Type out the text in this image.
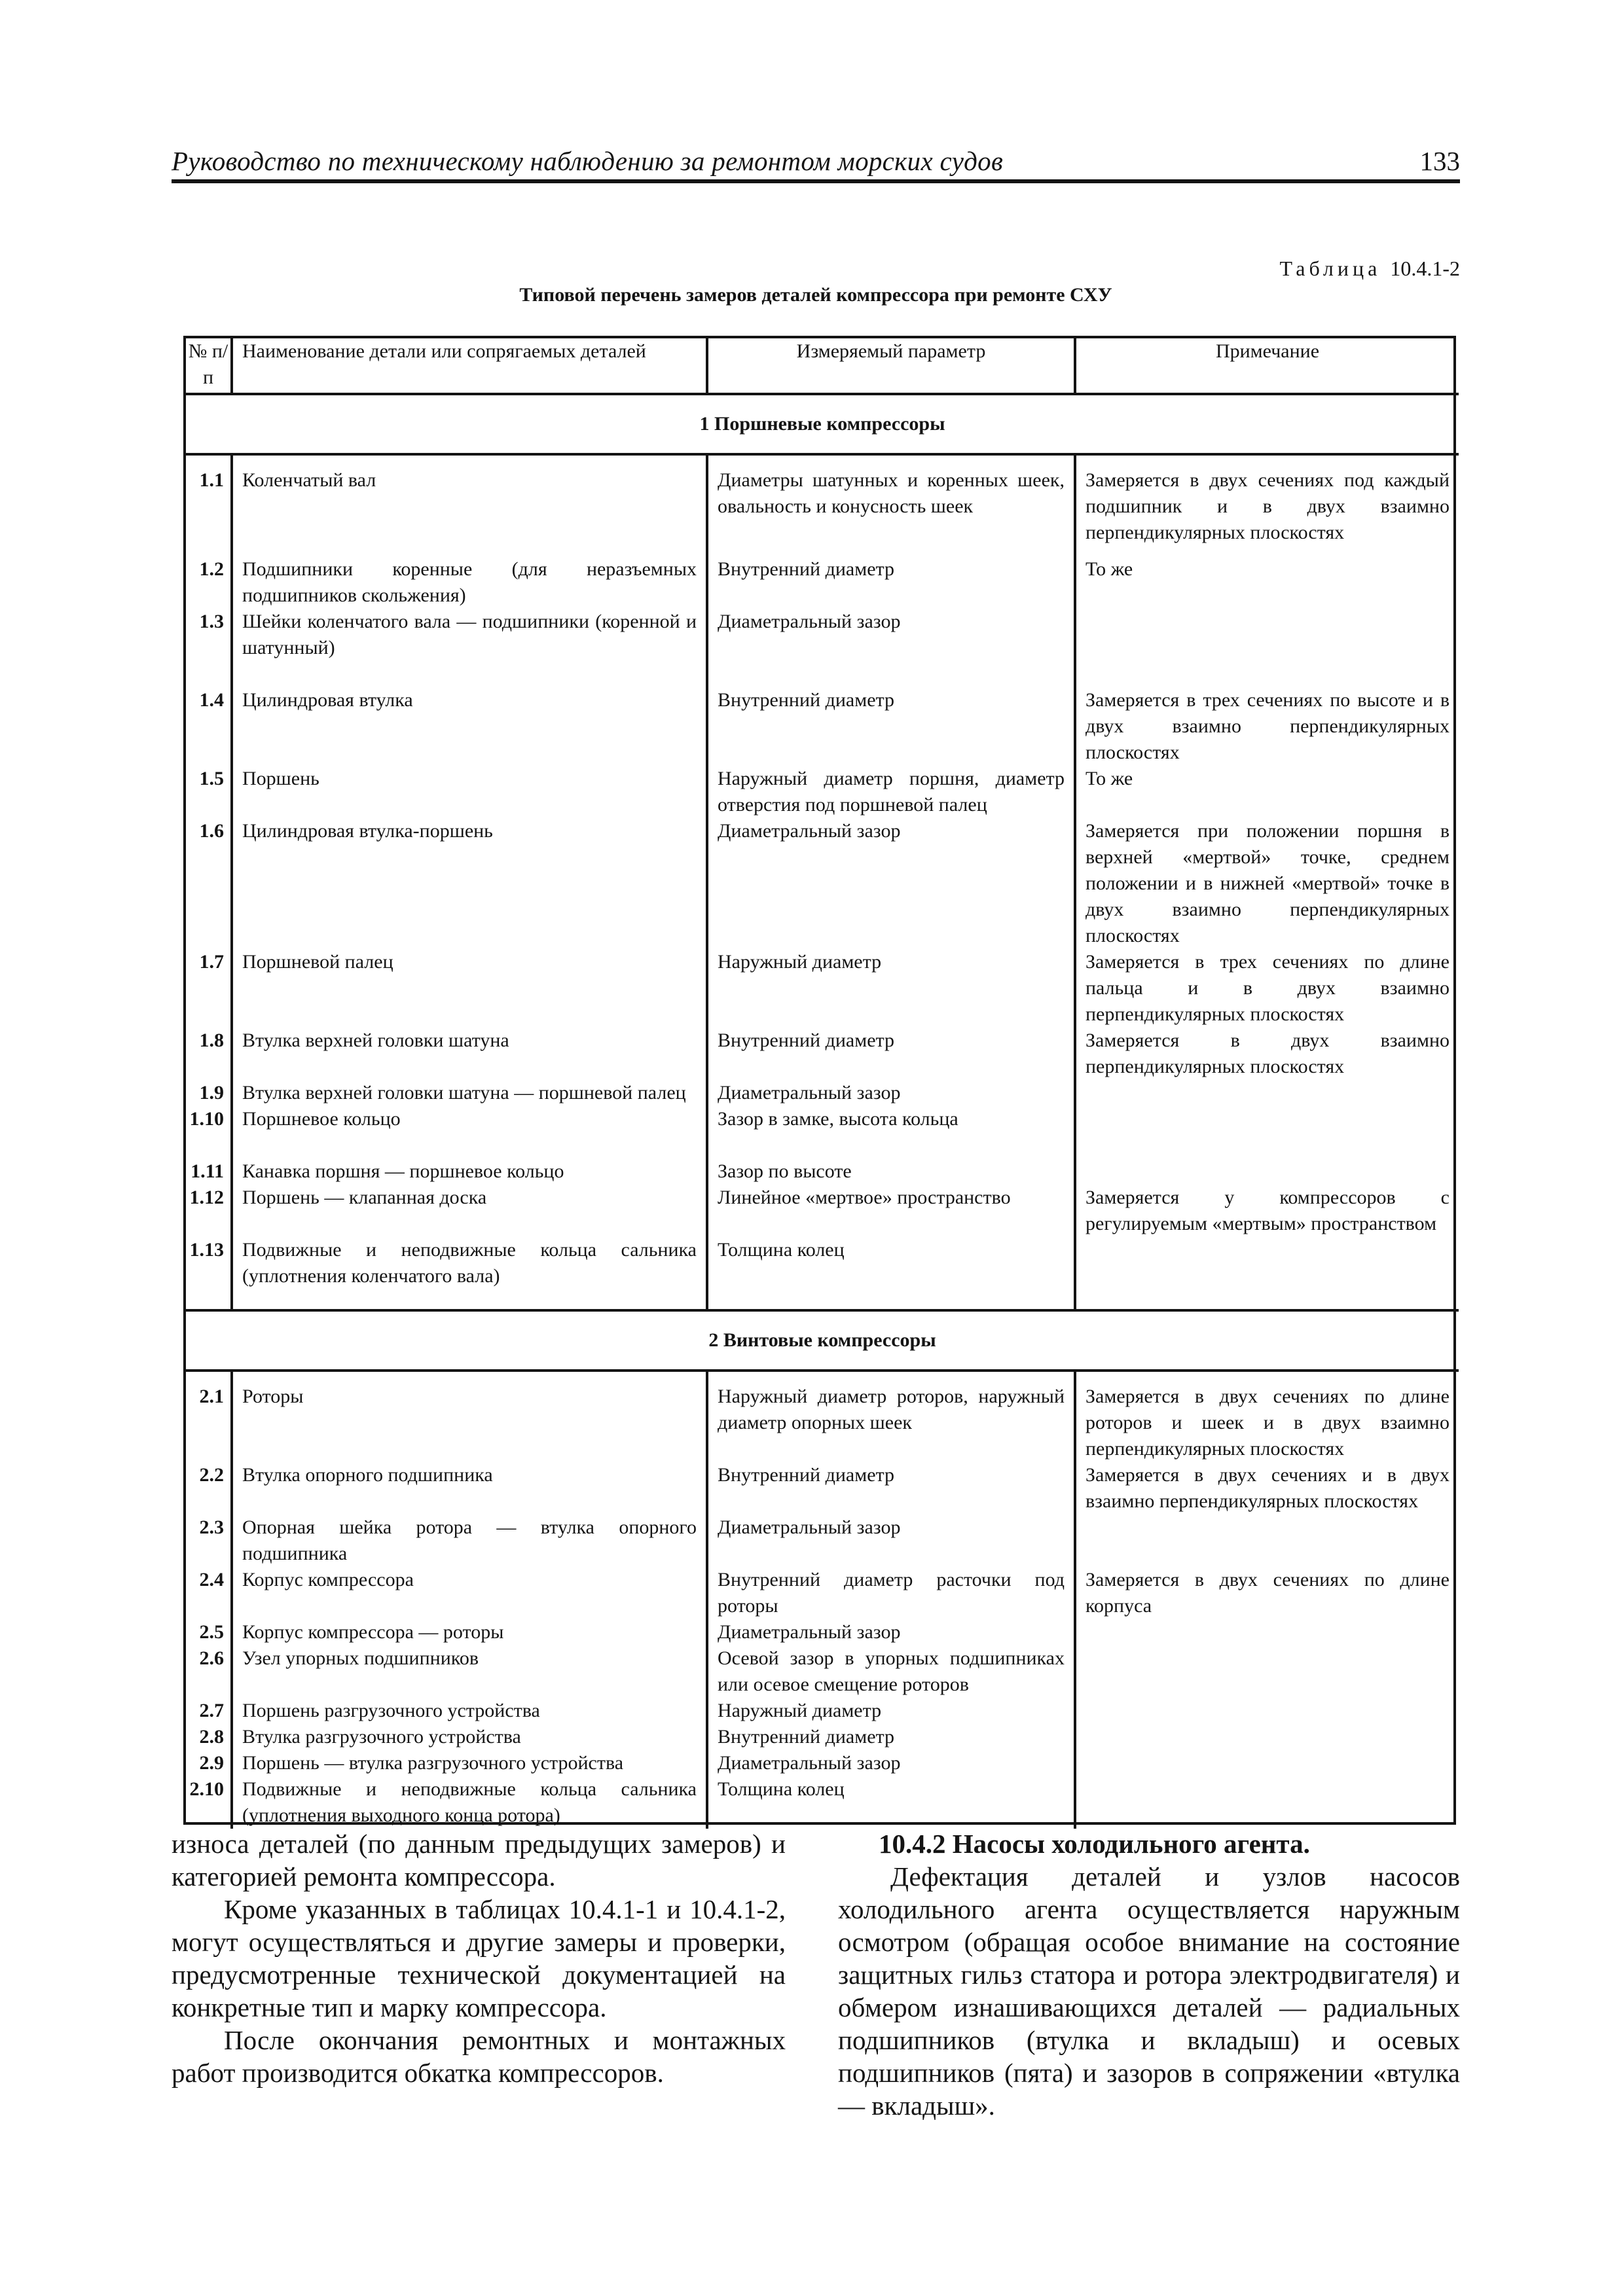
Руководство по техническому наблюдению за ремонтом морских судов	133
Таблица 10.4.1-2
Типовой перечень замеров деталей компрессора при ремонте СХУ
№ п/п	Наименование детали или сопрягаемых деталей	Измеряемый параметр	Примечание
1 Поршневые компрессоры			

1.1	Коленчатый вал	Диаметры шатунных и коренных шеек, овальность и конусность шеек	Замеряется в двух сечениях под каждый подшипник и в двух взаимно перпендикулярных плоскостях
1.2	Подшипники коренные (для неразъемных подшипников скольжения)	Внутренний диаметр	То же
1.3	Шейки коленчатого вала — подшипники (коренной и шатунный)	Диаметральный зазор	
1.4	Цилиндровая втулка	Внутренний диаметр	Замеряется в трех сечениях по высоте и в двух взаимно перпендикулярных плоскостях
1.5	Поршень	Наружный диаметр поршня, диаметр отверстия под поршневой палец	То же
1.6	Цилиндровая втулка-поршень	Диаметральный зазор	Замеряется при положении поршня в верхней «мертвой» точке, среднем положении и в нижней «мертвой» точке в двух взаимно перпендикулярных плоскостях
1.7	Поршневой палец	Наружный диаметр	Замеряется в трех сечениях по длине пальца и в двух взаимно перпендикулярных плоскостях
1.8	Втулка верхней головки шатуна	Внутренний диаметр	Замеряется в двух взаимно перпендикулярных плоскостях
1.9	Втулка верхней головки шатуна — поршневой палец	Диаметральный зазор	
1.10	Поршневое кольцо	Зазор в замке, высота кольца	
1.11	Канавка поршня — поршневое кольцо	Зазор по высоте	
1.12	Поршень — клапанная доска	Линейное «мертвое» пространство	Замеряется у компрессоров с регулируемым «мертвым» пространством
1.13	Подвижные и неподвижные кольца сальника (уплотнения коленчатого вала)	Толщина колец	

2 Винтовые компрессоры			

2.1	Роторы	Наружный диаметр роторов, наружный диаметр опорных шеек	Замеряется в двух сечениях по длине роторов и шеек и в двух взаимно перпендикулярных плоскостях
2.2	Втулка опорного подшипника	Внутренний диаметр	Замеряется в двух сечениях и в двух взаимно перпендикулярных плоскостях
2.3	Опорная шейка ротора — втулка опорного подшипника	Диаметральный зазор	
2.4	Корпус компрессора	Внутренний диаметр расточки под роторы	Замеряется в двух сечениях по длине корпуса
2.5	Корпус компрессора — роторы	Диаметральный зазор	
2.6	Узел упорных подшипников	Осевой зазор в упорных подшипниках или осевое смещение роторов	
2.7	Поршень разгрузочного устройства	Наружный диаметр	
2.8	Втулка разгрузочного устройства	Внутренний диаметр	
2.9	Поршень — втулка разгрузочного устройства	Диаметральный зазор	
2.10	Подвижные и неподвижные кольца сальника (уплотнения выходного конца ротора)	Толщина колец	

износа деталей (по данным предыдущих замеров) и категорией ремонта компрессора.

Кроме указанных в таблицах 10.4.1-1 и 10.4.1-2, могут осуществляться и другие замеры и проверки, предусмотренные технической документацией на конкретные тип и марку компрессора.

После окончания ремонтных и монтажных работ производится обкатка компрессоров.

10.4.2 Насосы холодильного агента.

Дефектация деталей и узлов насосов холодильного агента осуществляется наружным осмотром (обращая особое внимание на состояние защитных гильз статора и ротора электродвигателя) и обмером изнашивающихся деталей — радиальных подшипников (втулка и вкладыш) и осевых подшипников (пята) и зазоров в сопряжении «втулка — вкладыш».
